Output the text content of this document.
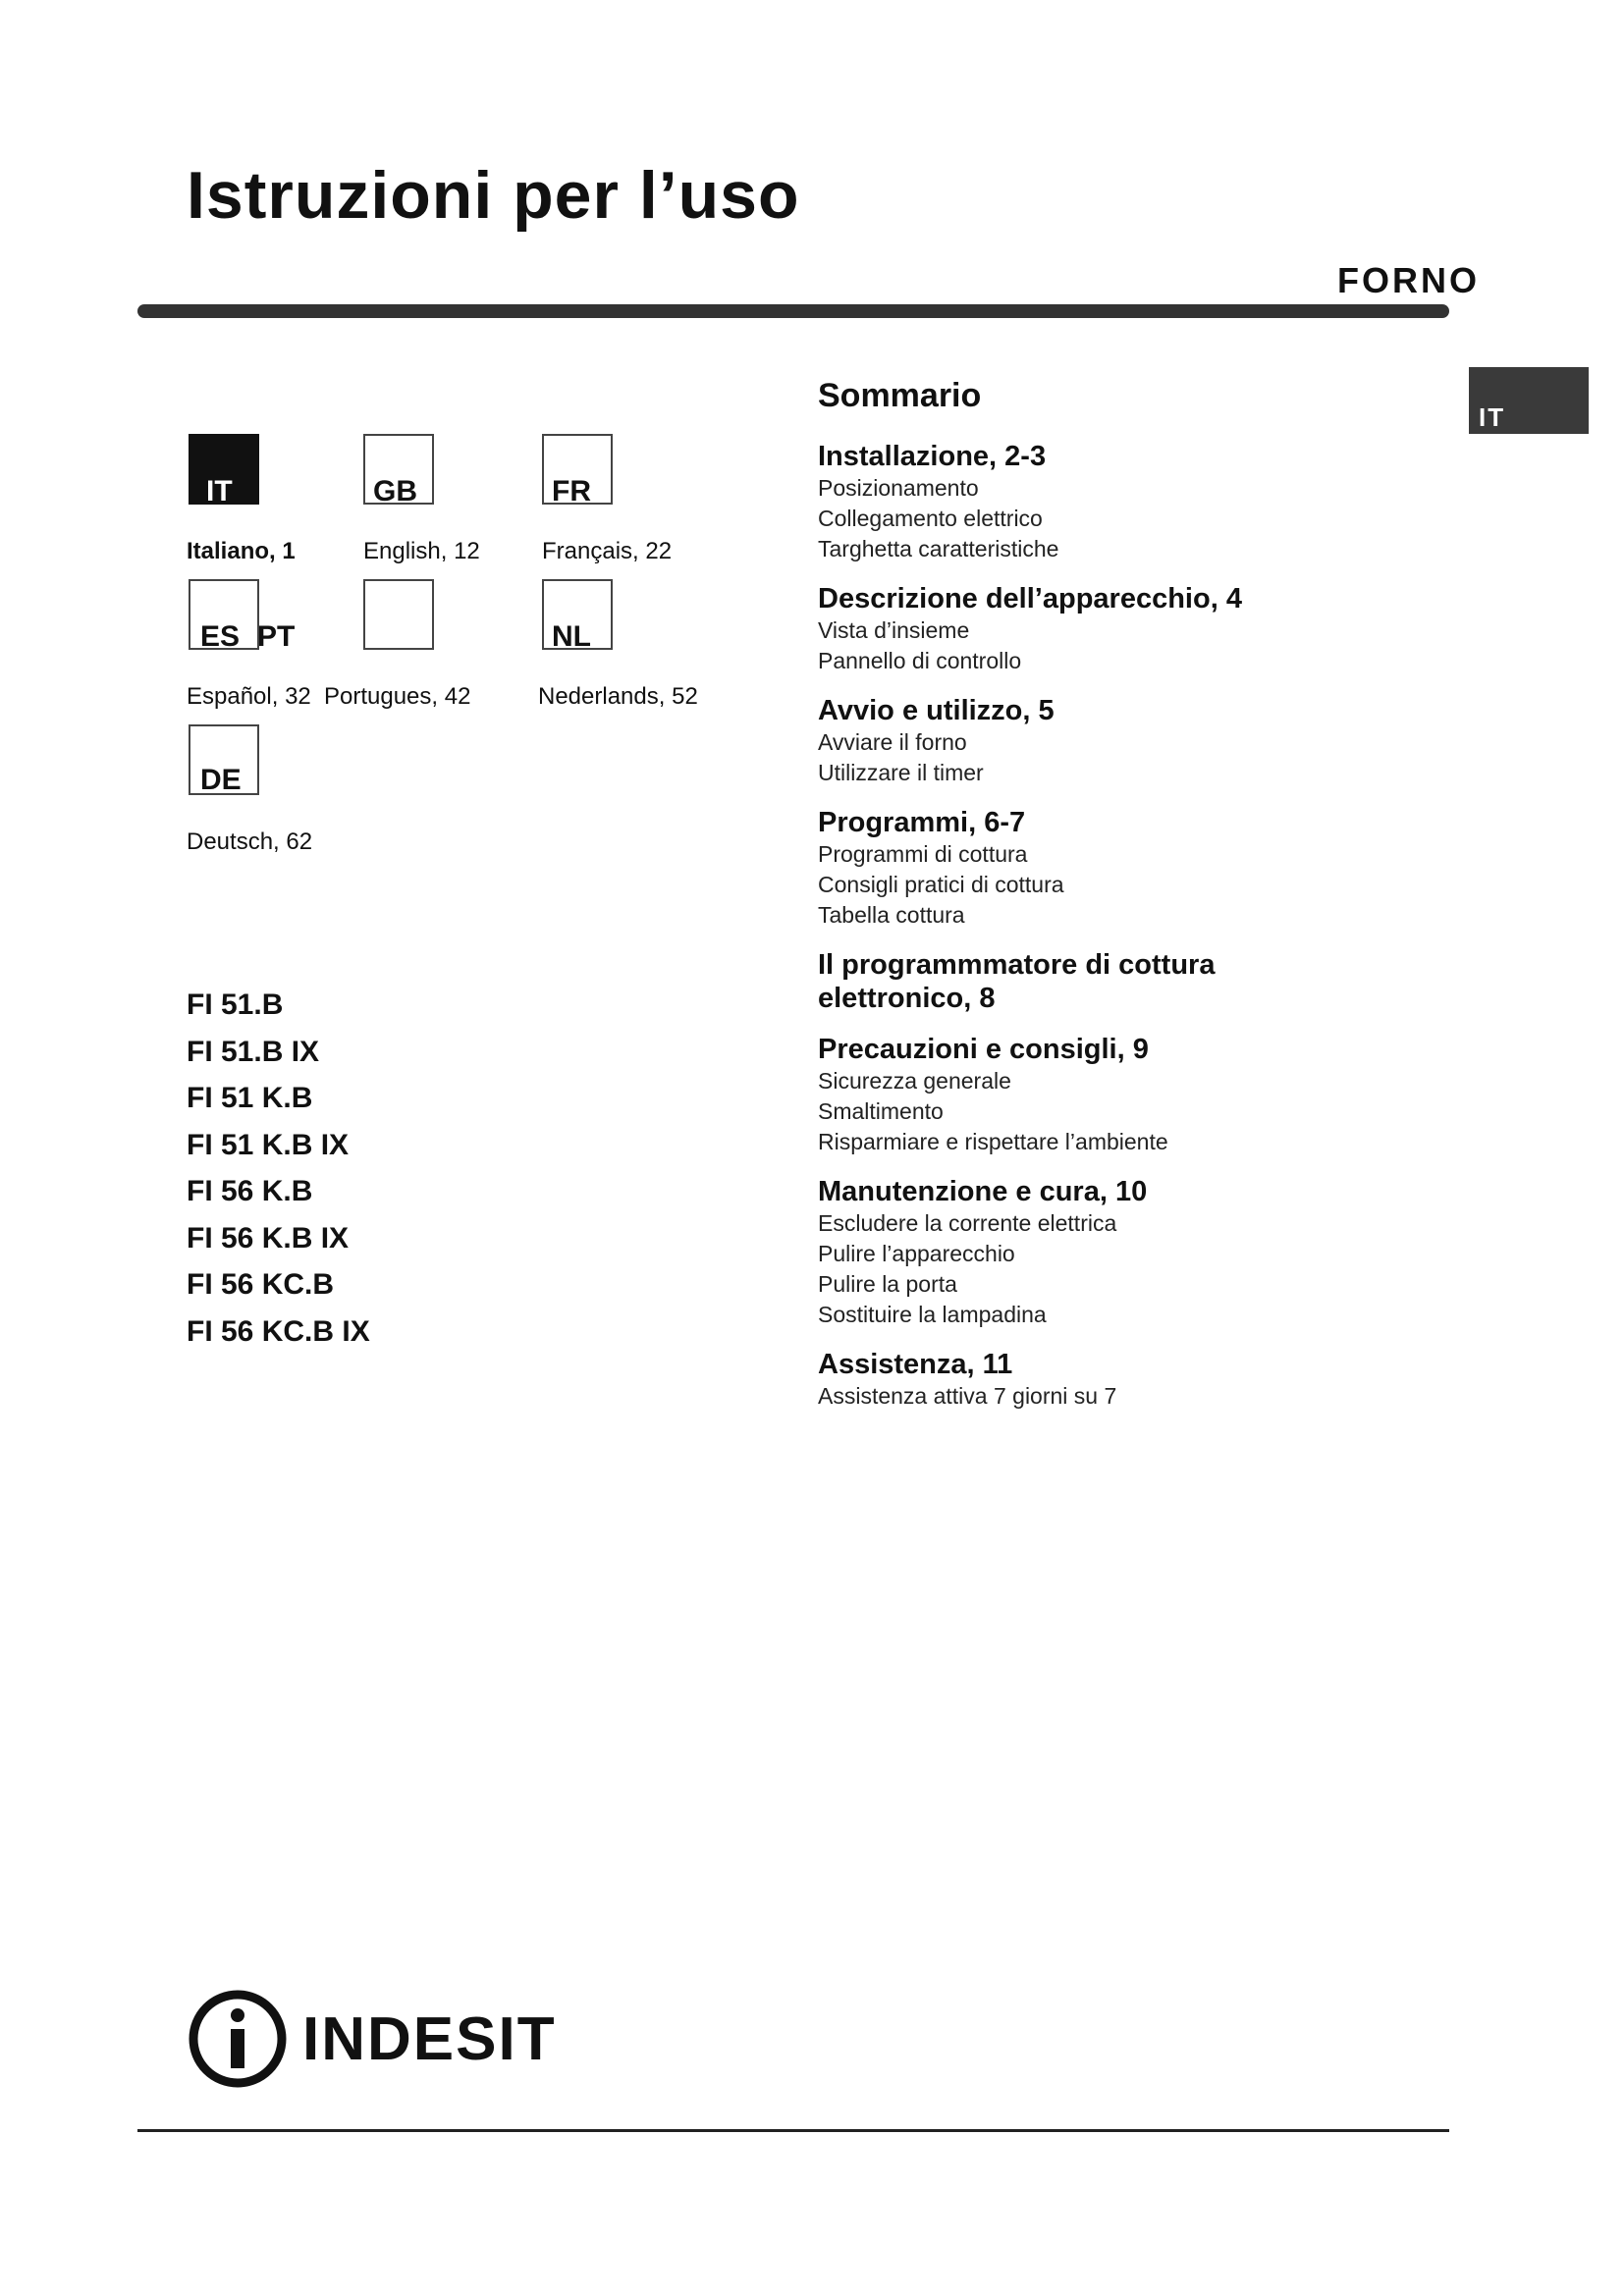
Istruzioni per l’uso
FORNO
IT
IT	GB	FR
Italiano, 1	English, 12	Français, 22
ES PT	NL
Español, 32 Portugues, 42	Nederlands, 52
DE
Deutsch, 62
FI 51.B
FI 51.B IX
FI 51 K.B
FI 51 K.B IX
FI 56 K.B
FI 56 K.B IX
FI 56 KC.B
FI 56 KC.B IX
Sommario
Installazione, 2-3
Posizionamento
Collegamento elettrico
Targhetta caratteristiche
Descrizione dell’apparecchio, 4
Vista d’insieme
Pannello di controllo
Avvio e utilizzo, 5
Avviare il forno
Utilizzare il timer
Programmi, 6-7
Programmi di cottura
Consigli pratici di cottura
Tabella cottura
Il programmmatore di cottura elettronico, 8
Precauzioni e consigli, 9
Sicurezza generale
Smaltimento
Risparmiare e rispettare l’ambiente
Manutenzione e cura, 10
Escludere la corrente elettrica
Pulire l’apparecchio
Pulire la porta
Sostituire la lampadina
Assistenza, 11
Assistenza attiva 7 giorni su 7
INDESIT
